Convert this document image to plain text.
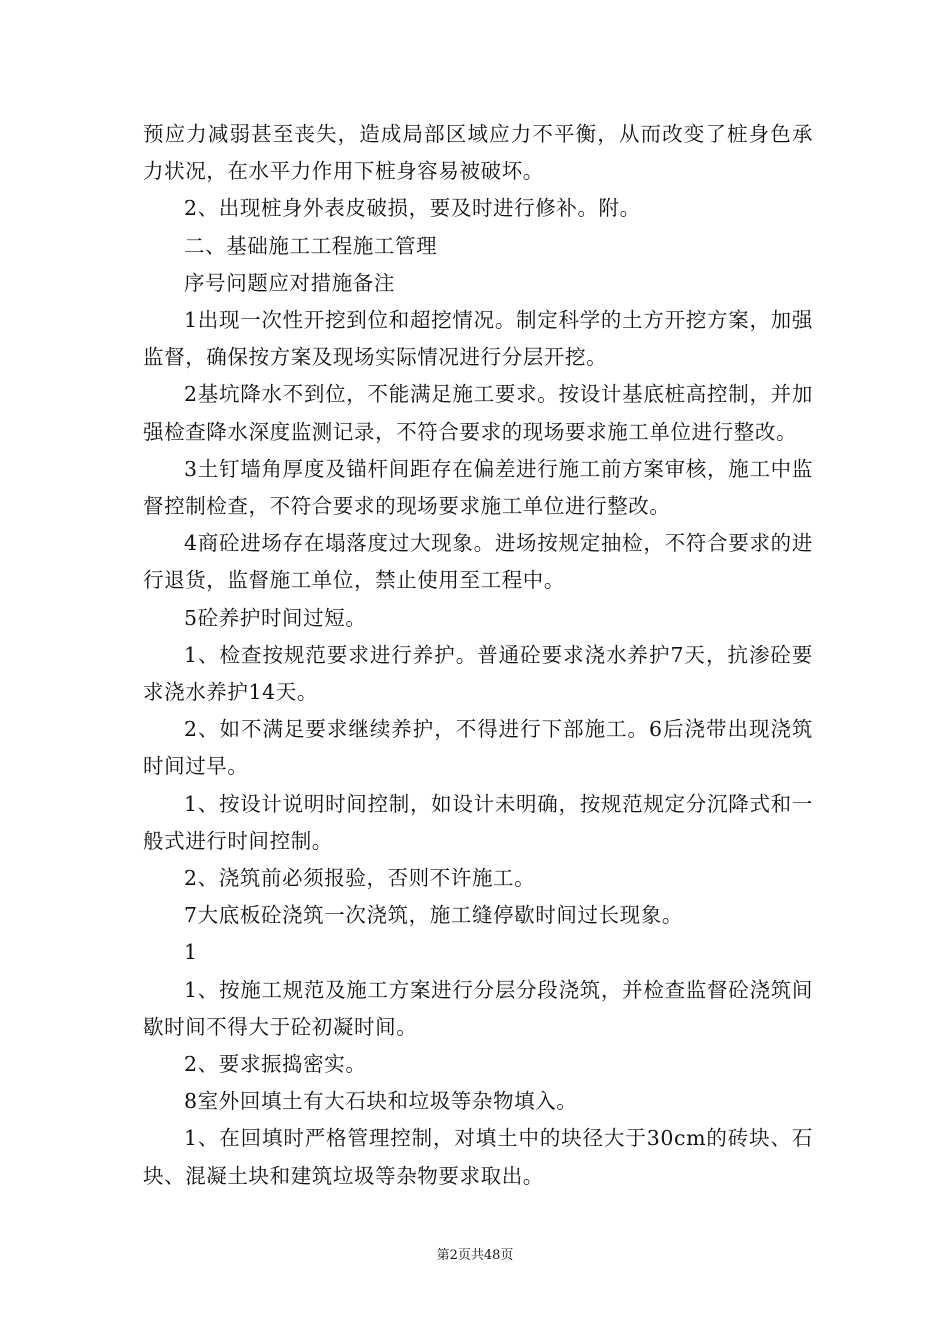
预应力减弱甚至丧失，造成局部区域应力不平衡，从而改变了桩身色承力状况，在水平力作用下桩身容易被破坏。

2、出现桩身外表皮破损，要及时进行修补。附。

二、基础施工工程施工管理

序号问题应对措施备注

1出现一次性开挖到位和超挖情况。制定科学的土方开挖方案，加强监督，确保按方案及现场实际情况进行分层开挖。

2基坑降水不到位，不能满足施工要求。按设计基底桩高控制，并加强检查降水深度监测记录，不符合要求的现场要求施工单位进行整改。

3土钉墙角厚度及锚杆间距存在偏差进行施工前方案审核，施工中监督控制检查，不符合要求的现场要求施工单位进行整改。

4商砼进场存在塌落度过大现象。进场按规定抽检，不符合要求的进行退货，监督施工单位，禁止使用至工程中。

5砼养护时间过短。

1、检查按规范要求进行养护。普通砼要求浇水养护7天，抗渗砼要求浇水养护14天。

2、如不满足要求继续养护，不得进行下部施工。6后浇带出现浇筑时间过早。

1、按设计说明时间控制，如设计未明确，按规范规定分沉降式和一般式进行时间控制。

2、浇筑前必须报验，否则不许施工。

7大底板砼浇筑一次浇筑，施工缝停歇时间过长现象。

1

1、按施工规范及施工方案进行分层分段浇筑，并检查监督砼浇筑间歇时间不得大于砼初凝时间。

2、要求振捣密实。

8室外回填土有大石块和垃圾等杂物填入。

1、在回填时严格管理控制，对填土中的块径大于30cm的砖块、石块、混凝土块和建筑垃圾等杂物要求取出。

第2页共48页
